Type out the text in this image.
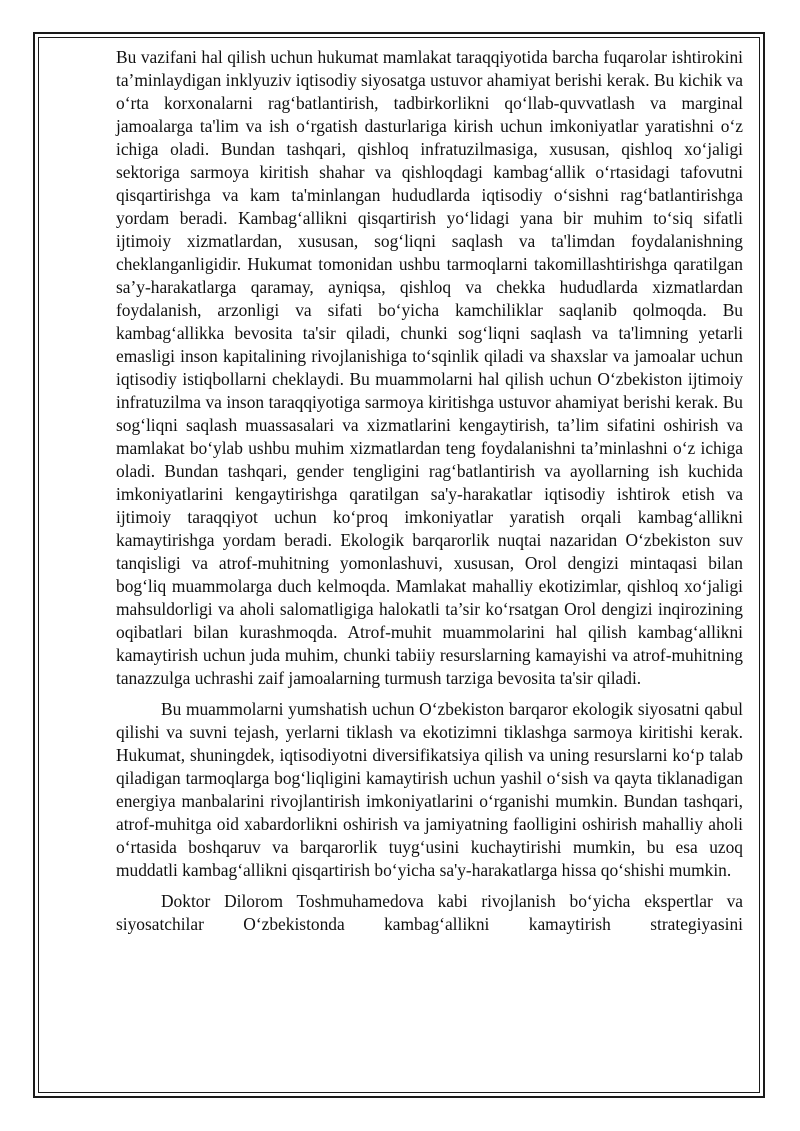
Bu vazifani hal qilish uchun hukumat mamlakat taraqqiyotida barcha fuqarolar ishtirokini ta’minlaydigan inklyuziv iqtisodiy siyosatga ustuvor ahamiyat berishi kerak. Bu kichik va o‘rta korxonalarni rag‘batlantirish, tadbirkorlikni qo‘llab-quvvatlash va marginal jamoalarga ta'lim va ish o‘rgatish dasturlariga kirish uchun imkoniyatlar yaratishni o‘z ichiga oladi. Bundan tashqari, qishloq infratuzilmasiga, xususan, qishloq xo‘jaligi sektoriga sarmoya kiritish shahar va qishloqdagi kambag‘allik o‘rtasidagi tafovutni qisqartirishga va kam ta'minlangan hududlarda iqtisodiy o‘sishni rag‘batlantirishga yordam beradi. Kambag‘allikni qisqartirish yo‘lidagi yana bir muhim to‘siq sifatli ijtimoiy xizmatlardan, xususan, sog‘liqni saqlash va ta'limdan foydalanishning cheklanganligidir. Hukumat tomonidan ushbu tarmoqlarni takomillashtirishga qaratilgan sa’y-harakatlarga qaramay, ayniqsa, qishloq va chekka hududlarda xizmatlardan foydalanish, arzonligi va sifati bo‘yicha kamchiliklar saqlanib qolmoqda. Bu kambag‘allikka bevosita ta'sir qiladi, chunki sog‘liqni saqlash va ta'limning yetarli emasligi inson kapitalining rivojlanishiga to‘sqinlik qiladi va shaxslar va jamoalar uchun iqtisodiy istiqbollarni cheklaydi. Bu muammolarni hal qilish uchun O‘zbekiston ijtimoiy infratuzilma va inson taraqqiyotiga sarmoya kiritishga ustuvor ahamiyat berishi kerak. Bu sog‘liqni saqlash muassasalari va xizmatlarini kengaytirish, ta’lim sifatini oshirish va mamlakat bo‘ylab ushbu muhim xizmatlardan teng foydalanishni ta’minlashni o‘z ichiga oladi. Bundan tashqari, gender tengligini rag‘batlantirish va ayollarning ish kuchida imkoniyatlarini kengaytirishga qaratilgan sa'y-harakatlar iqtisodiy ishtirok etish va ijtimoiy taraqqiyot uchun ko‘proq imkoniyatlar yaratish orqali kambag‘allikni kamaytirishga yordam beradi. Ekologik barqarorlik nuqtai nazaridan O‘zbekiston suv tanqisligi va atrof-muhitning yomonlashuvi, xususan, Orol dengizi mintaqasi bilan bog‘liq muammolarga duch kelmoqda. Mamlakat mahalliy ekotizimlar, qishloq xo‘jaligi mahsuldorligi va aholi salomatligiga halokatli ta’sir ko‘rsatgan Orol dengizi inqirozining oqibatlari bilan kurashmoqda. Atrof-muhit muammolarini hal qilish kambag‘allikni kamaytirish uchun juda muhim, chunki tabiiy resurslarning kamayishi va atrof-muhitning tanazzulga uchrashi zaif jamoalarning turmush tarziga bevosita ta'sir qiladi.

Bu muammolarni yumshatish uchun O‘zbekiston barqaror ekologik siyosatni qabul qilishi va suvni tejash, yerlarni tiklash va ekotizimni tiklashga sarmoya kiritishi kerak. Hukumat, shuningdek, iqtisodiyotni diversifikatsiya qilish va uning resurslarni ko‘p talab qiladigan tarmoqlarga bog‘liqligini kamaytirish uchun yashil o‘sish va qayta tiklanadigan energiya manbalarini rivojlantirish imkoniyatlarini o‘rganishi mumkin. Bundan tashqari, atrof-muhitga oid xabardorlikni oshirish va jamiyatning faolligini oshirish mahalliy aholi o‘rtasida boshqaruv va barqarorlik tuyg‘usini kuchaytirishi mumkin, bu esa uzoq muddatli kambag‘allikni qisqartirish bo‘yicha sa'y-harakatlarga hissa qo‘shishi mumkin.

Doktor Dilorom Toshmuhamedova kabi rivojlanish bo‘yicha ekspertlar va siyosatchilar O‘zbekistonda kambag‘allikni kamaytirish strategiyasini
